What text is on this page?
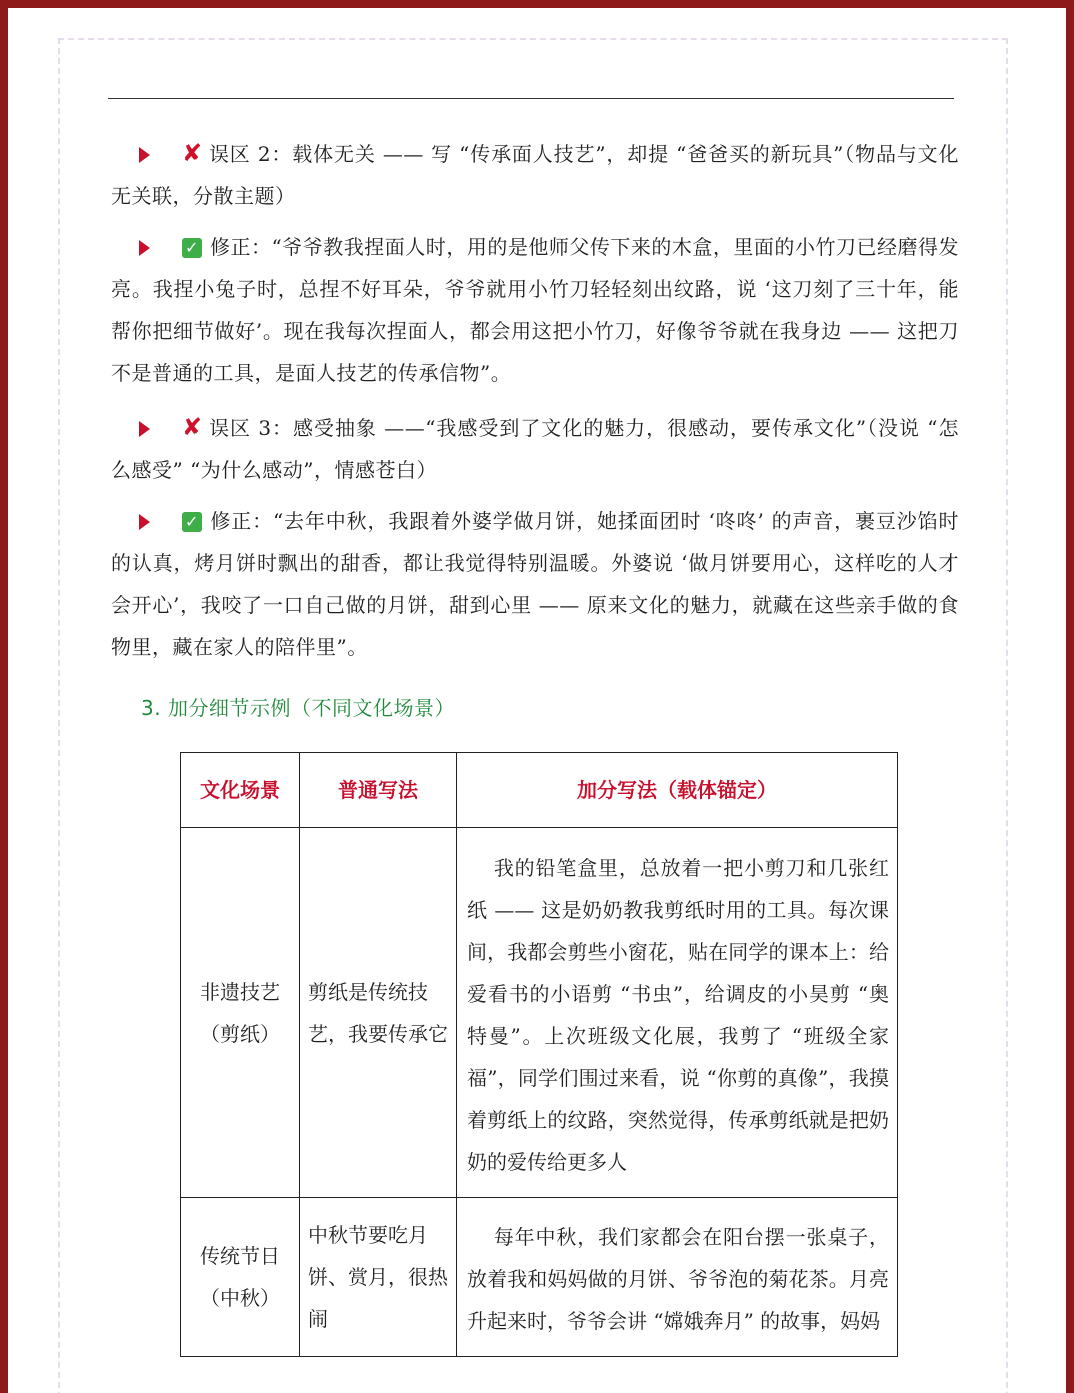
✘ 误区 2：载体无关 —— 写 “传承面人技艺”，却提 “爸爸买的新玩具”（物品与文化无关联，分散主题）
✓ 修正：“爷爷教我捏面人时，用的是他师父传下来的木盒，里面的小竹刀已经磨得发亮。我捏小兔子时，总捏不好耳朵，爷爷就用小竹刀轻轻刻出纹路，说 ‘这刀刻了三十年，能帮你把细节做好’。现在我每次捏面人，都会用这把小竹刀，好像爷爷就在我身边 —— 这把刀不是普通的工具，是面人技艺的传承信物”。
✘ 误区 3：感受抽象 ——“我感受到了文化的魅力，很感动，要传承文化”（没说 “怎么感受” “为什么感动”，情感苍白）
✓ 修正：“去年中秋，我跟着外婆学做月饼，她揉面团时 ‘咚咚’ 的声音，裹豆沙馅时的认真，烤月饼时飘出的甜香，都让我觉得特别温暖。外婆说 ‘做月饼要用心，这样吃的人才会开心’，我咬了一口自己做的月饼，甜到心里 —— 原来文化的魅力，就藏在这些亲手做的食物里，藏在家人的陪伴里”。
3. 加分细节示例（不同文化场景）
文化场景	普通写法	加分写法（载体锚定）
非遗技艺（剪纸）	剪纸是传统技艺，我要传承它	我的铅笔盒里，总放着一把小剪刀和几张红纸 —— 这是奶奶教我剪纸时用的工具。每次课间，我都会剪些小窗花，贴在同学的课本上：给爱看书的小语剪 “书虫”，给调皮的小昊剪 “奥特曼”。上次班级文化展，我剪了 “班级全家福”，同学们围过来看，说 “你剪的真像”，我摸着剪纸上的纹路，突然觉得，传承剪纸就是把奶奶的爱传给更多人
传统节日（中秋）	中秋节要吃月饼、赏月，很热闹	每年中秋，我们家都会在阳台摆一张桌子，放着我和妈妈做的月饼、爷爷泡的菊花茶。月亮升起来时，爷爷会讲 “嫦娥奔月” 的故事，妈妈
